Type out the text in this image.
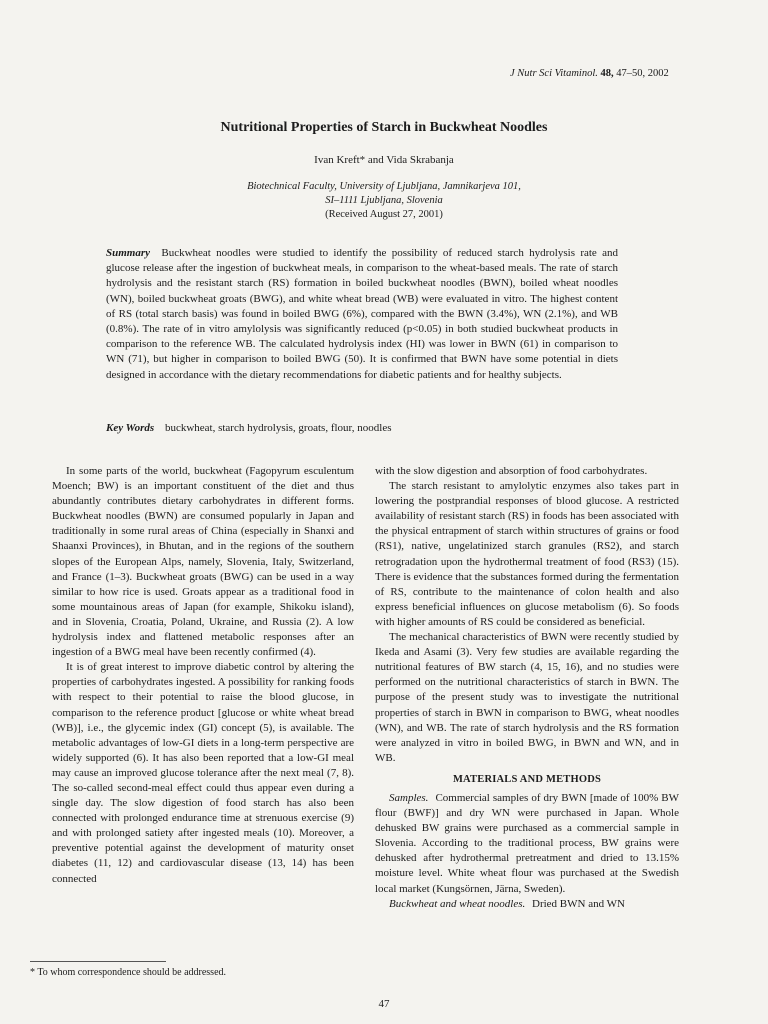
J Nutr Sci Vitaminol. 48, 47–50, 2002
Nutritional Properties of Starch in Buckwheat Noodles
Ivan Kreft* and Vida Skrabanja
Biotechnical Faculty, University of Ljubljana, Jamnikarjeva 101,
SI–1111 Ljubljana, Slovenia
(Received August 27, 2001)
Summary Buckwheat noodles were studied to identify the possibility of reduced starch hydrolysis rate and glucose release after the ingestion of buckwheat meals, in comparison to the wheat-based meals. The rate of starch hydrolysis and the resistant starch (RS) formation in boiled buckwheat noodles (BWN), boiled wheat noodles (WN), boiled buckwheat groats (BWG), and white wheat bread (WB) were evaluated in vitro. The highest content of RS (total starch basis) was found in boiled BWG (6%), compared with the BWN (3.4%), WN (2.1%), and WB (0.8%). The rate of in vitro amylolysis was significantly reduced (p<0.05) in both studied buckwheat products in comparison to the reference WB. The calculated hydrolysis index (HI) was lower in BWN (61) in comparison to WN (71), but higher in comparison to boiled BWG (50). It is confirmed that BWN have some potential in diets designed in accordance with the dietary recommendations for diabetic patients and for healthy subjects.
Key Words buckwheat, starch hydrolysis, groats, flour, noodles

In some parts of the world, buckwheat (Fagopyrum esculentum Moench; BW) is an important constituent of the diet and thus abundantly contributes dietary carbohydrates in different forms. Buckwheat noodles (BWN) are consumed popularly in Japan and traditionally in some rural areas of China (especially in Shanxi and Shaanxi Provinces), in Bhutan, and in the regions of the southern slopes of the European Alps, namely, Slovenia, Italy, Switzerland, and France (1–3). Buckwheat groats (BWG) can be used in a way similar to how rice is used. Groats appear as a traditional food in some mountainous areas of Japan (for example, Shikoku island), and in Slovenia, Croatia, Poland, Ukraine, and Russia (2). A low hydrolysis index and flattened metabolic responses after an ingestion of a BWG meal have been recently confirmed (4).

It is of great interest to improve diabetic control by altering the properties of carbohydrates ingested. A possibility for ranking foods with respect to their potential to raise the blood glucose, in comparison to the reference product [glucose or white wheat bread (WB)], i.e., the glycemic index (GI) concept (5), is available. The metabolic advantages of low-GI diets in a long-term perspective are widely supported (6). It has also been reported that a low-GI meal may cause an improved glucose tolerance after the next meal (7, 8). The so-called second-meal effect could thus appear even during a single day. The slow digestion of food starch has also been connected with prolonged endurance time at strenuous exercise (9) and with prolonged satiety after ingested meals (10). Moreover, a preventive potential against the development of maturity onset diabetes (11, 12) and cardiovascular disease (13, 14) has been connected

with the slow digestion and absorption of food carbohydrates.

The starch resistant to amylolytic enzymes also takes part in lowering the postprandial responses of blood glucose. A restricted availability of resistant starch (RS) in foods has been associated with the physical entrapment of starch within structures of grains or food (RS1), native, ungelatinized starch granules (RS2), and starch retrogradation upon the hydrothermal treatment of food (RS3) (15). There is evidence that the substances formed during the fermentation of RS, contribute to the maintenance of colon health and also express beneficial influences on glucose metabolism (6). So foods with higher amounts of RS could be considered as beneficial.

The mechanical characteristics of BWN were recently studied by Ikeda and Asami (3). Very few studies are available regarding the nutritional features of BW starch (4, 15, 16), and no studies were performed on the nutritional characteristics of starch in BWN. The purpose of the present study was to investigate the nutritional properties of starch in BWN in comparison to BWG, wheat noodles (WN), and WB. The rate of starch hydrolysis and the RS formation were analyzed in vitro in boiled BWG, in BWN and WN, and in WB.

MATERIALS AND METHODS

Samples. Commercial samples of dry BWN [made of 100% BW flour (BWF)] and dry WN were purchased in Japan. Whole dehusked BW grains were purchased as a commercial sample in Slovenia. According to the traditional process, BW grains were dehusked after hydrothermal pretreatment and dried to 13.15% moisture level. White wheat flour was purchased at the Swedish local market (Kungsörnen, Järna, Sweden).

Buckwheat and wheat noodles. Dried BWN and WN

* To whom correspondence should be addressed.
47
